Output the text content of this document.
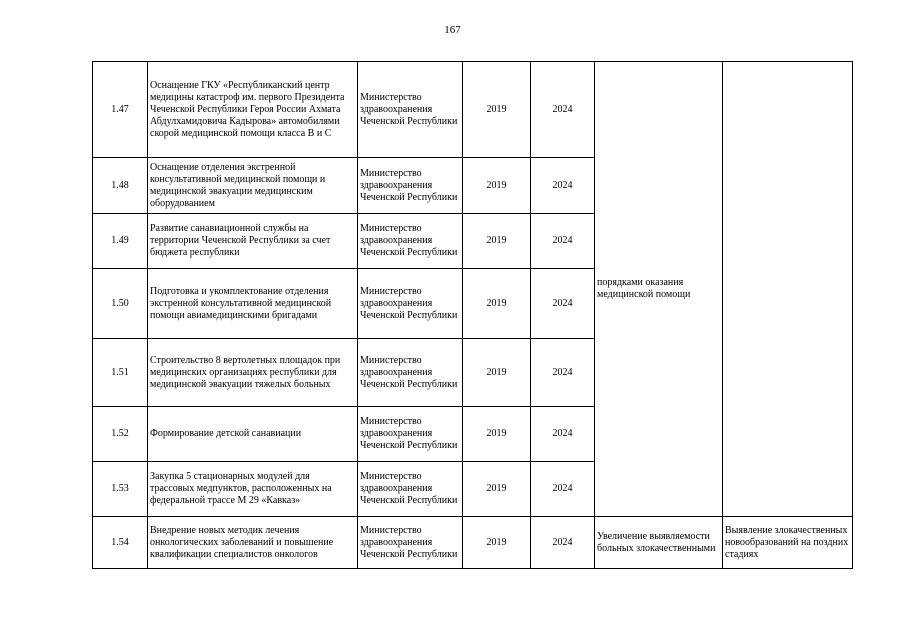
167
1.47	Оснащение ГКУ «Республиканский центр медицины катастроф им. первого Президента Чеченской Республики Героя России Ахмата Абдулхамидовича Кадырова» автомобилями скорой медицинской помощи класса В и С	Министерство здравоохранения Чеченской Республики	2019	2024	порядками оказания медицинской помощи	
1.48	Оснащение отделения экстренной консультативной медицинской помощи и медицинской эвакуации медицинским оборудованием	Министерство здравоохранения Чеченской Республики	2019	2024		
1.49	Развитие санавиационной службы на территории Чеченской Республики за счет бюджета республики	Министерство здравоохранения Чеченской Республики	2019	2024		
1.50	Подготовка и укомплектование отделения экстренной консультативной медицинской помощи авиамедицинскими бригадами	Министерство здравоохранения Чеченской Республики	2019	2024		
1.51	Строительство 8 вертолетных площадок при медицинских организациях республики для медицинской эвакуации тяжелых больных	Министерство здравоохранения Чеченской Республики	2019	2024		
1.52	Формирование детской санавиации	Министерство здравоохранения Чеченской Республики	2019	2024		
1.53	Закупка 5 стационарных модулей для трассовых медпунктов, расположенных на федеральной трассе М 29 «Кавказ»	Министерство здравоохранения Чеченской Республики	2019	2024		
1.54	Внедрение новых методик лечения онкологических заболеваний и повышение квалификации специалистов онкологов	Министерство здравоохранения Чеченской Республики	2019	2024	Увеличение выявляемости больных злокачественными	Выявление злокачественных новообразований на поздних стадиях
